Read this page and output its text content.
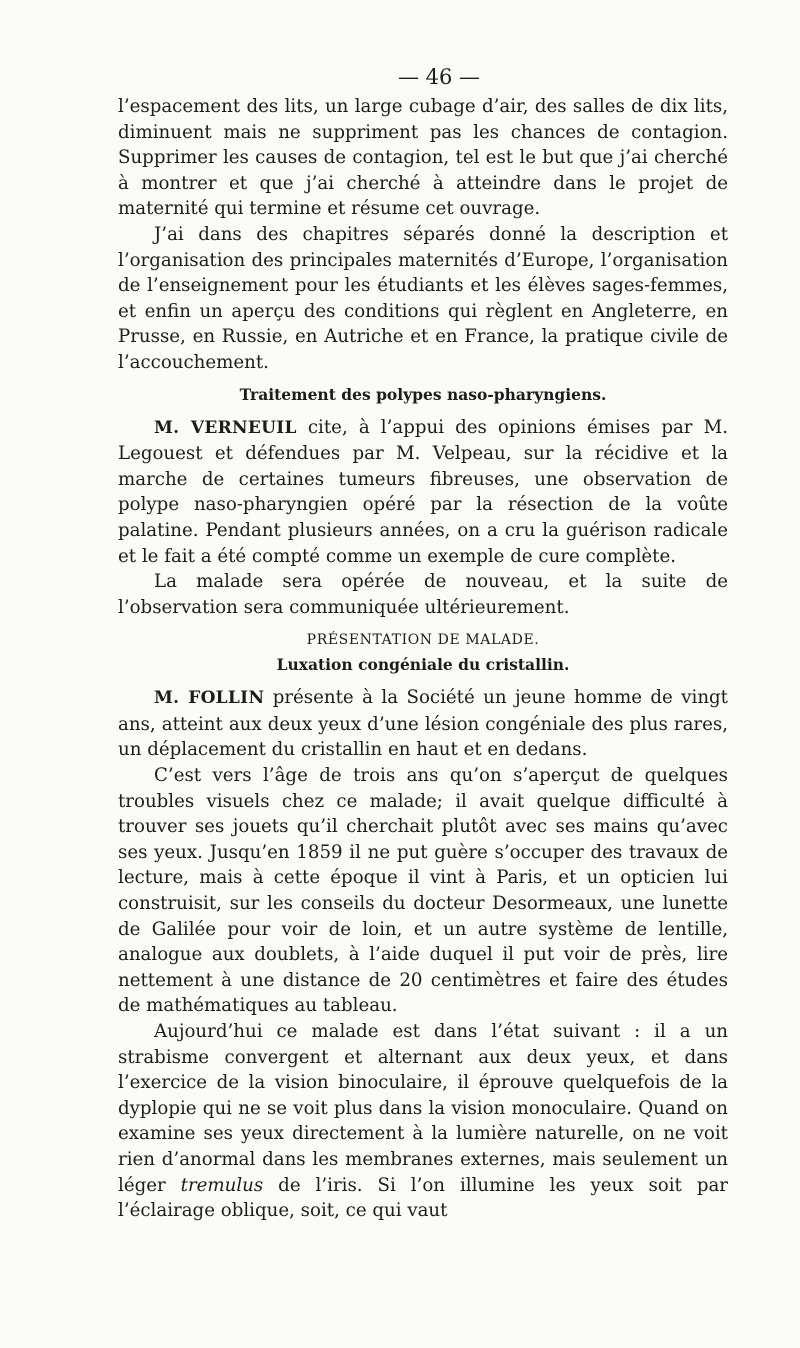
— 46 —

l’espacement des lits, un large cubage d’air, des salles de dix lits, diminuent mais ne suppriment pas les chances de contagion. Supprimer les causes de contagion, tel est le but que j’ai cherché à montrer et que j’ai cherché à atteindre dans le projet de maternité qui termine et résume cet ouvrage.

J’ai dans des chapitres séparés donné la description et l’organisation des principales maternités d’Europe, l’organisation de l’enseignement pour les étudiants et les élèves sages-femmes, et enfin un aperçu des conditions qui règlent en Angleterre, en Prusse, en Russie, en Autriche et en France, la pratique civile de l’accouchement.

Traitement des polypes naso-pharyngiens.

M. VERNEUIL cite, à l’appui des opinions émises par M. Legouest et défendues par M. Velpeau, sur la récidive et la marche de certaines tumeurs fibreuses, une observation de polype naso-pharyngien opéré par la résection de la voûte palatine. Pendant plusieurs années, on a cru la guérison radicale et le fait a été compté comme un exemple de cure complète.

La malade sera opérée de nouveau, et la suite de l’observation sera communiquée ultérieurement.

PRÉSENTATION DE MALADE.
Luxation congéniale du cristallin.

M. FOLLIN présente à la Société un jeune homme de vingt ans, atteint aux deux yeux d’une lésion congéniale des plus rares, un déplacement du cristallin en haut et en dedans.

C’est vers l’âge de trois ans qu’on s’aperçut de quelques troubles visuels chez ce malade; il avait quelque difficulté à trouver ses jouets qu’il cherchait plutôt avec ses mains qu’avec ses yeux. Jusqu’en 1859 il ne put guère s’occuper des travaux de lecture, mais à cette époque il vint à Paris, et un opticien lui construisit, sur les conseils du docteur Desormeaux, une lunette de Galilée pour voir de loin, et un autre système de lentille, analogue aux doublets, à l’aide duquel il put voir de près, lire nettement à une distance de 20 centimètres et faire des études de mathématiques au tableau.

Aujourd’hui ce malade est dans l’état suivant : il a un strabisme convergent et alternant aux deux yeux, et dans l’exercice de la vision binoculaire, il éprouve quelquefois de la dyplopie qui ne se voit plus dans la vision monoculaire. Quand on examine ses yeux directement à la lumière naturelle, on ne voit rien d’anormal dans les membranes externes, mais seulement un léger tremulus de l’iris. Si l’on illumine les yeux soit par l’éclairage oblique, soit, ce qui vaut
